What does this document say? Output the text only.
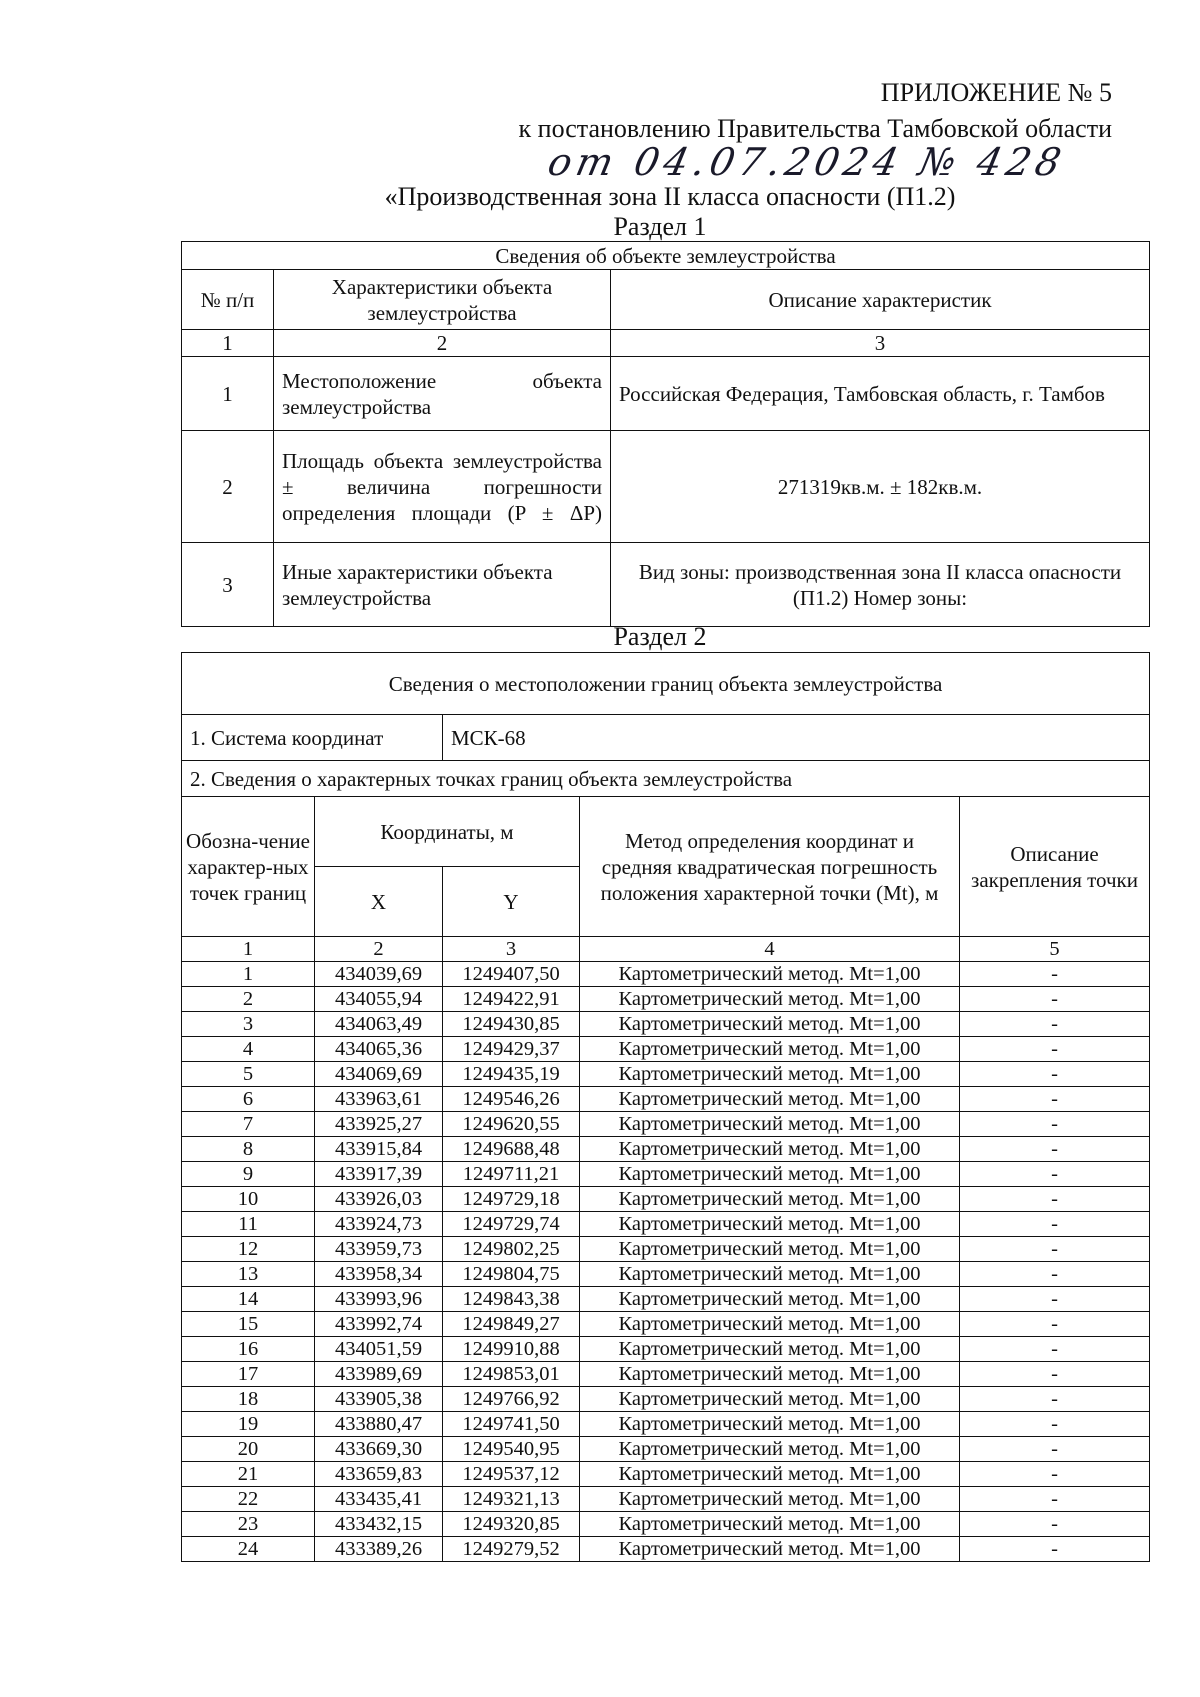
ПРИЛОЖЕНИЕ № 5
к постановлению Правительства Тамбовской области
от 04.07.2024 № 428
«Производственная зона II класса опасности (П1.2)
Раздел 1
Сведения об объекте землеустройства		
№ п/п	Характеристики объекта землеустройства	Описание характеристик
1	2	3
1	Местоположение объекта землеустройства	Российская Федерация, Тамбовская область, г. Тамбов
2	Площадь объекта землеустройства ± величина погрешности определения площади (P ± ΔP)	271319кв.м. ± 182кв.м.
3	Иные характеристики объекта землеустройства	Вид зоны: производственная зона II класса опасности (П1.2) Номер зоны:
Раздел 2
Сведения о местоположении границ объекта землеустройства				
1. Система координат		МСК-68		
2. Сведения о характерных точках границ объекта землеустройства				
Обозна-чение характер-ных точек границ	Координаты, м		Метод определения координат и средняя квадратическая погрешность положения характерной точки (Mt), м	Описание закрепления точки
	X	Y		
1	2	3	4	5
1	434039,69	1249407,50	Картометрический метод. Mt=1,00	-
2	434055,94	1249422,91	Картометрический метод. Mt=1,00	-
3	434063,49	1249430,85	Картометрический метод. Mt=1,00	-
4	434065,36	1249429,37	Картометрический метод. Mt=1,00	-
5	434069,69	1249435,19	Картометрический метод. Mt=1,00	-
6	433963,61	1249546,26	Картометрический метод. Mt=1,00	-
7	433925,27	1249620,55	Картометрический метод. Mt=1,00	-
8	433915,84	1249688,48	Картометрический метод. Mt=1,00	-
9	433917,39	1249711,21	Картометрический метод. Mt=1,00	-
10	433926,03	1249729,18	Картометрический метод. Mt=1,00	-
11	433924,73	1249729,74	Картометрический метод. Mt=1,00	-
12	433959,73	1249802,25	Картометрический метод. Mt=1,00	-
13	433958,34	1249804,75	Картометрический метод. Mt=1,00	-
14	433993,96	1249843,38	Картометрический метод. Mt=1,00	-
15	433992,74	1249849,27	Картометрический метод. Mt=1,00	-
16	434051,59	1249910,88	Картометрический метод. Mt=1,00	-
17	433989,69	1249853,01	Картометрический метод. Mt=1,00	-
18	433905,38	1249766,92	Картометрический метод. Mt=1,00	-
19	433880,47	1249741,50	Картометрический метод. Mt=1,00	-
20	433669,30	1249540,95	Картометрический метод. Mt=1,00	-
21	433659,83	1249537,12	Картометрический метод. Mt=1,00	-
22	433435,41	1249321,13	Картометрический метод. Mt=1,00	-
23	433432,15	1249320,85	Картометрический метод. Mt=1,00	-
24	433389,26	1249279,52	Картометрический метод. Mt=1,00	-
